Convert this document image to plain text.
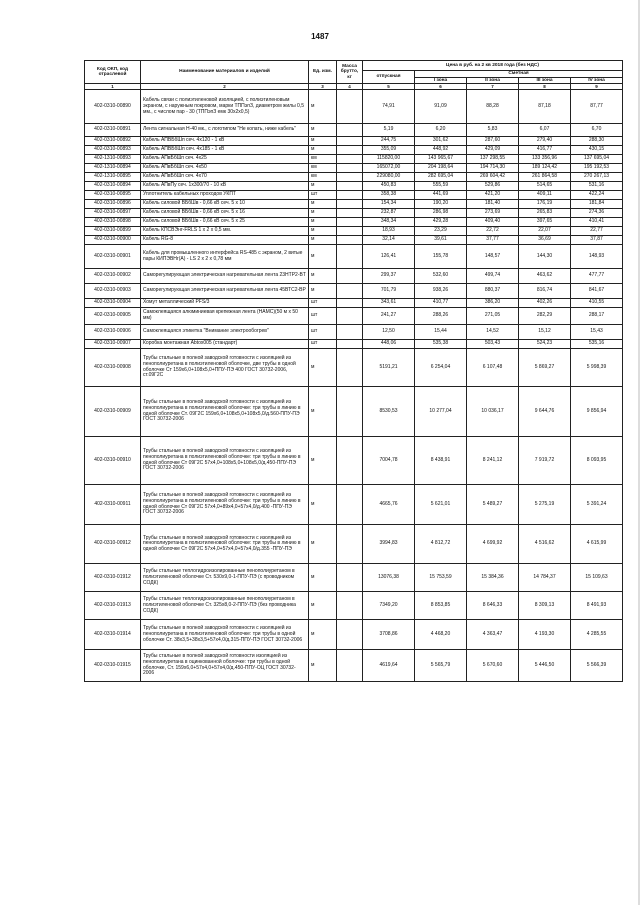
1487
Код ОКП, код отраслевой	Наименование материалов и изделий	Ед. изм.	Масса брутто, кг	Цена в руб. на 2 кв 2018 года (без НДС)				
				отпускная	Сметная			
					I зона	II зона	III зона	IV зона
1	2	3	4	5	6	7	8	9
402-0310-00890	Кабель связи с полиэтиленовой изоляцией, с полиэтиленовым экраном, с наружным покровом, марки ТППэпЗ, диаметром жилы 0,5 мм., с числом пар - 30 (ТППэпЗ емк 30х2х0,5)	м		74,91	91,09	88,28	87,18	87,77
402-0310-00891	Лента сигнальная Н-40 мк., с логотипом "Не копать, ниже кабель"	м		5,19	6,20	5,83	6,07	6,70
402-0310-00892	Кабель АПВБбШп сеч. 4х120 - 1 кВ	м		244,75	301,62	287,60	279,40	288,30
402-0310-00893	Кабель АПВБбШп сеч. 4х185 - 1 кВ	м		355,09	448,92	429,09	416,77	430,15
402-1310-00893	Кабель АПвБбШп сеч. 4х25	км		115820,00	143 965,67	137 298,55	133 356,96	137 695,04
402-1310-00894	Кабель АПвБбШп сеч. 4х50	км		165072,00	204 198,64	194 714,30	189 124,42	195 192,53
402-1310-00895	Кабель АПвБбШп сеч. 4х70	км		229080,00	282 695,04	269 604,42	261 864,58	270 267,13
402-0310-00894	Кабель АПвПу сеч. 1х300/70 - 10 кВ	м		450,83	555,59	529,86	514,65	531,16
402-0310-00895	Уплотнитель кабельных проходов УКПТ	шт		358,38	441,69	421,20	409,11	422,24
402-0310-00896	Кабель силовой ВБбШв - 0,66 кВ сеч. 5 х 10	м		154,34	190,20	181,40	176,19	181,84
402-0310-00897	Кабель силовой ВБбШв - 0,66 кВ сеч. 5 х 16	м		232,87	286,98	273,69	265,83	274,36
402-0310-00898	Кабель силовой ВБбШв - 0,66 кВ сеч. 5 х 25	м		348,34	429,28	409,40	397,65	410,41
402-0310-00899	Кабель КПСВЭнг-FRLS 1 х 2 х 0,5 мм.	м		18,93	23,29	22,72	22,07	22,77
402-0310-00900	Кабель RG-8	м		32,14	39,61	37,77	36,69	37,87
402-0310-00901	Кабель для промышленного интерфейса RS-485 с экраном, 2 витые пары КИПЭВНг(А) - LS 2 х 2 х 0,78 мм	м		126,41	155,78	148,57	144,30	148,93
402-0310-00902	Саморегулирующая электрическая нагревательная лента 23НТР2-BT	м		299,37	532,60	499,74	463,62	477,77
402-0310-00903	Саморегулирующая электрическая нагревательная лента 45ВТС2-BP	м		701,79	938,26	880,37	816,74	841,67
402-0310-00904	Хомут металлический PFS/3	шт		343,61	410,77	386,20	402,26	410,55
402-0310-00905	Самоклеящаяся алюминиевая крепежная лента (НАМС)(50 м х 50 мм)	шт		241,27	288,26	271,05	282,29	288,17
402-0310-00906	Самоклеящаяся этикетка "Внимание электрообогрев"	шт		12,50	15,44	14,52	15,12	15,43
402-0310-00907	Коробка монтажная Abtox005 (стандарт)	шт		448,06	535,38	503,43	524,23	535,16
402-0310-00908	Трубы стальные в полной заводской готовности с изоляцией из пенополиуретана в полиэтиленовой оболочке, две трубы в одной оболочке Ст 159х6,0+108х5,0+ППУ-ПЭ 400 ГОСТ 30732-2006, ст.09Г2С	м		5191,21	6 254,04	6 107,48	5 869,27	5 998,39
402-0310-00909	Трубы стальные в полной заводской готовности с изоляцией из пенополиуретана в полиэтиленовой оболочке: три трубы в линию в одной оболочке Ст. 09Г2С 159х6,0+108х5,0+108х5,0/д.560-ППУ-ПЭ ГОСТ 30732-2006	м		8530,53	10 277,04	10 036,17	9 644,76	9 856,94
402-0310-00910	Трубы стальные в полной заводской готовности с изоляцией из пенополиуретана в полиэтиленовой оболочке: три трубы в линию в одной оболочке Ст 09Г2С 57х4,0+108х5,0+108х5,0/д.450-ППУ-ПЭ ГОСТ 30732-2006	м		7004,78	8 438,91	8 241,12	7 919,72	8 093,95
402-0310-00911	Трубы стальные в полной заводской готовности с изоляцией из пенополиуретана в полиэтиленовой оболочке: три трубы в линию в одной оболочке Ст 09Г2С 57х4,0+89х4,0+57х4,0/д.400 -ППУ-ПЭ ГОСТ 30732-2006	м		4665,76	5 621,01	5 489,27	5 275,19	5 391,24
402-0310-00912	Трубы стальные в полной заводской готовности с изоляцией из пенополиуретана в полиэтиленовой оболочке: три трубы в линию в одной оболочке Ст 09Г2С 57х4,0+57х4,0+57х4,0/д.355 -ППУ-ПЭ	м		3994,83	4 812,72	4 699,92	4 516,62	4 615,99
402-0310-01912	Трубы стальные теплогидроизолированные пенополиуретаном в полиэтиленовой оболочке Ст. 530х9,0-1-ППУ-ПЭ (с проводником СОДК)	м		13076,38	15 753,59	15 384,36	14 784,37	15 109,63
402-0310-01913	Трубы стальные теплогидроизолированные пенополиуретаном в полиэтиленовой оболочке Ст. 325х8,0-2-ППУ-ПЭ (без проводника СОДК)	м		7349,20	8 853,85	8 646,33	8 309,13	8 491,93
402-0310-01914	Трубы стальные в полной заводской готовности с изоляцией из пенополиуретана в полиэтиленовой оболочке: три трубы в одной оболочке Ст. 38х3,5+38х3,5+57х4,0/д.315-ППУ-ПЭ ГОСТ 30732-2006	м		3708,86	4 468,20	4 363,47	4 193,30	4 285,55
402-0310-01915	Трубы стальные в полной заводской готовности изоляцией из пенополиуретана в оцинкованной оболочке: три трубы в одной оболочке, Ст. 159х6,0+57х4,0+57х4,0/д.450-ППУ-ОЦ ГОСТ 30732-2006	м		4619,64	5 565,79	5 670,60	5 446,50	5 566,39
